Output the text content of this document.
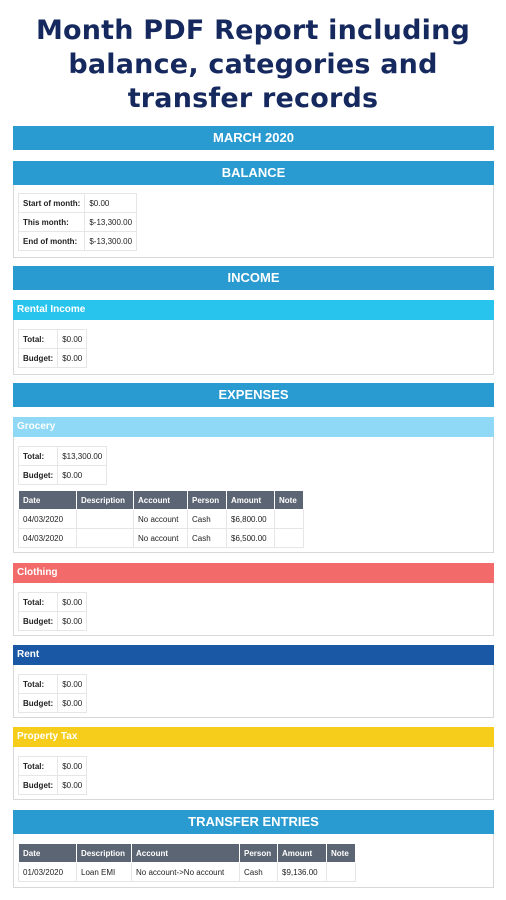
Month PDF Report including
balance, categories and
transfer records
MARCH 2020
BALANCE
Start of month:	$0.00
This month:	$-13,300.00
End of month:	$-13,300.00
INCOME
Rental Income
Total:	$0.00
Budget:	$0.00
EXPENSES
Grocery
Total:	$13,300.00
Budget:	$0.00
Date	Description	Account	Person	Amount	Note
04/03/2020		No account	Cash	$6,800.00	
04/03/2020		No account	Cash	$6,500.00	
Clothing
Total:	$0.00
Budget:	$0.00
Rent
Total:	$0.00
Budget:	$0.00
Property Tax
Total:	$0.00
Budget:	$0.00
TRANSFER ENTRIES
Date	Description	Account	Person	Amount	Note
01/03/2020	Loan EMI	No account->No account	Cash	$9,136.00	
